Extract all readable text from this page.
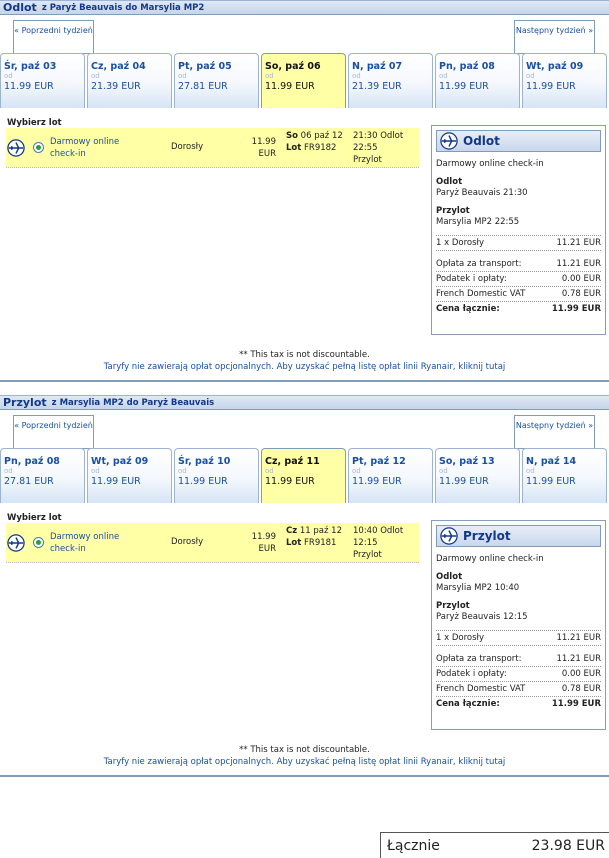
Odlot z Paryż Beauvais do Marsylia MP2
« Poprzedni tydzień	Następny tydzień »
Śr, paź 03
od
11.99 EUR
Cz, paź 04
od
21.39 EUR
Pt, paź 05
od
27.81 EUR
So, paź 06
od
11.99 EUR
N, paź 07
od
21.39 EUR
Pn, paź 08
od
11.99 EUR
Wt, paź 09
od
11.99 EUR
Wybierz lot
Darmowy online check-in
Dorosły	11.99 EUR
So 06 paź 12
Lot FR9182
21:30 Odlot
22:55
Przylot
Odlot
Darmowy online check-in
Odlot
Paryż Beauvais 21:30
Przylot
Marsylia MP2 22:55
1 x Dorosły	11.21 EUR
Opłata za transport:	11.21 EUR
Podatek i opłaty:	0.00 EUR
French Domestic VAT	0.78 EUR
Cena łącznie:	11.99 EUR
** This tax is not discountable.
Taryfy nie zawierają opłat opcjonalnych. Aby uzyskać pełną listę opłat linii Ryanair, kliknij tutaj
Przylot z Marsylia MP2 do Paryż Beauvais
« Poprzedni tydzień	Następny tydzień »
Pn, paź 08
od
27.81 EUR
Wt, paź 09
od
11.99 EUR
Śr, paź 10
od
11.99 EUR
Cz, paź 11
od
11.99 EUR
Pt, paź 12
od
11.99 EUR
So, paź 13
od
11.99 EUR
N, paź 14
od
11.99 EUR
Wybierz lot
Darmowy online check-in
Dorosły	11.99 EUR
Cz 11 paź 12
Lot FR9181
10:40 Odlot
12:15
Przylot
Przylot
Darmowy online check-in
Odlot
Marsylia MP2 10:40
Przylot
Paryż Beauvais 12:15
1 x Dorosły	11.21 EUR
Opłata za transport:	11.21 EUR
Podatek i opłaty:	0.00 EUR
French Domestic VAT	0.78 EUR
Cena łącznie:	11.99 EUR
** This tax is not discountable.
Taryfy nie zawierają opłat opcjonalnych. Aby uzyskać pełną listę opłat linii Ryanair, kliknij tutaj
Łącznie	23.98 EUR
